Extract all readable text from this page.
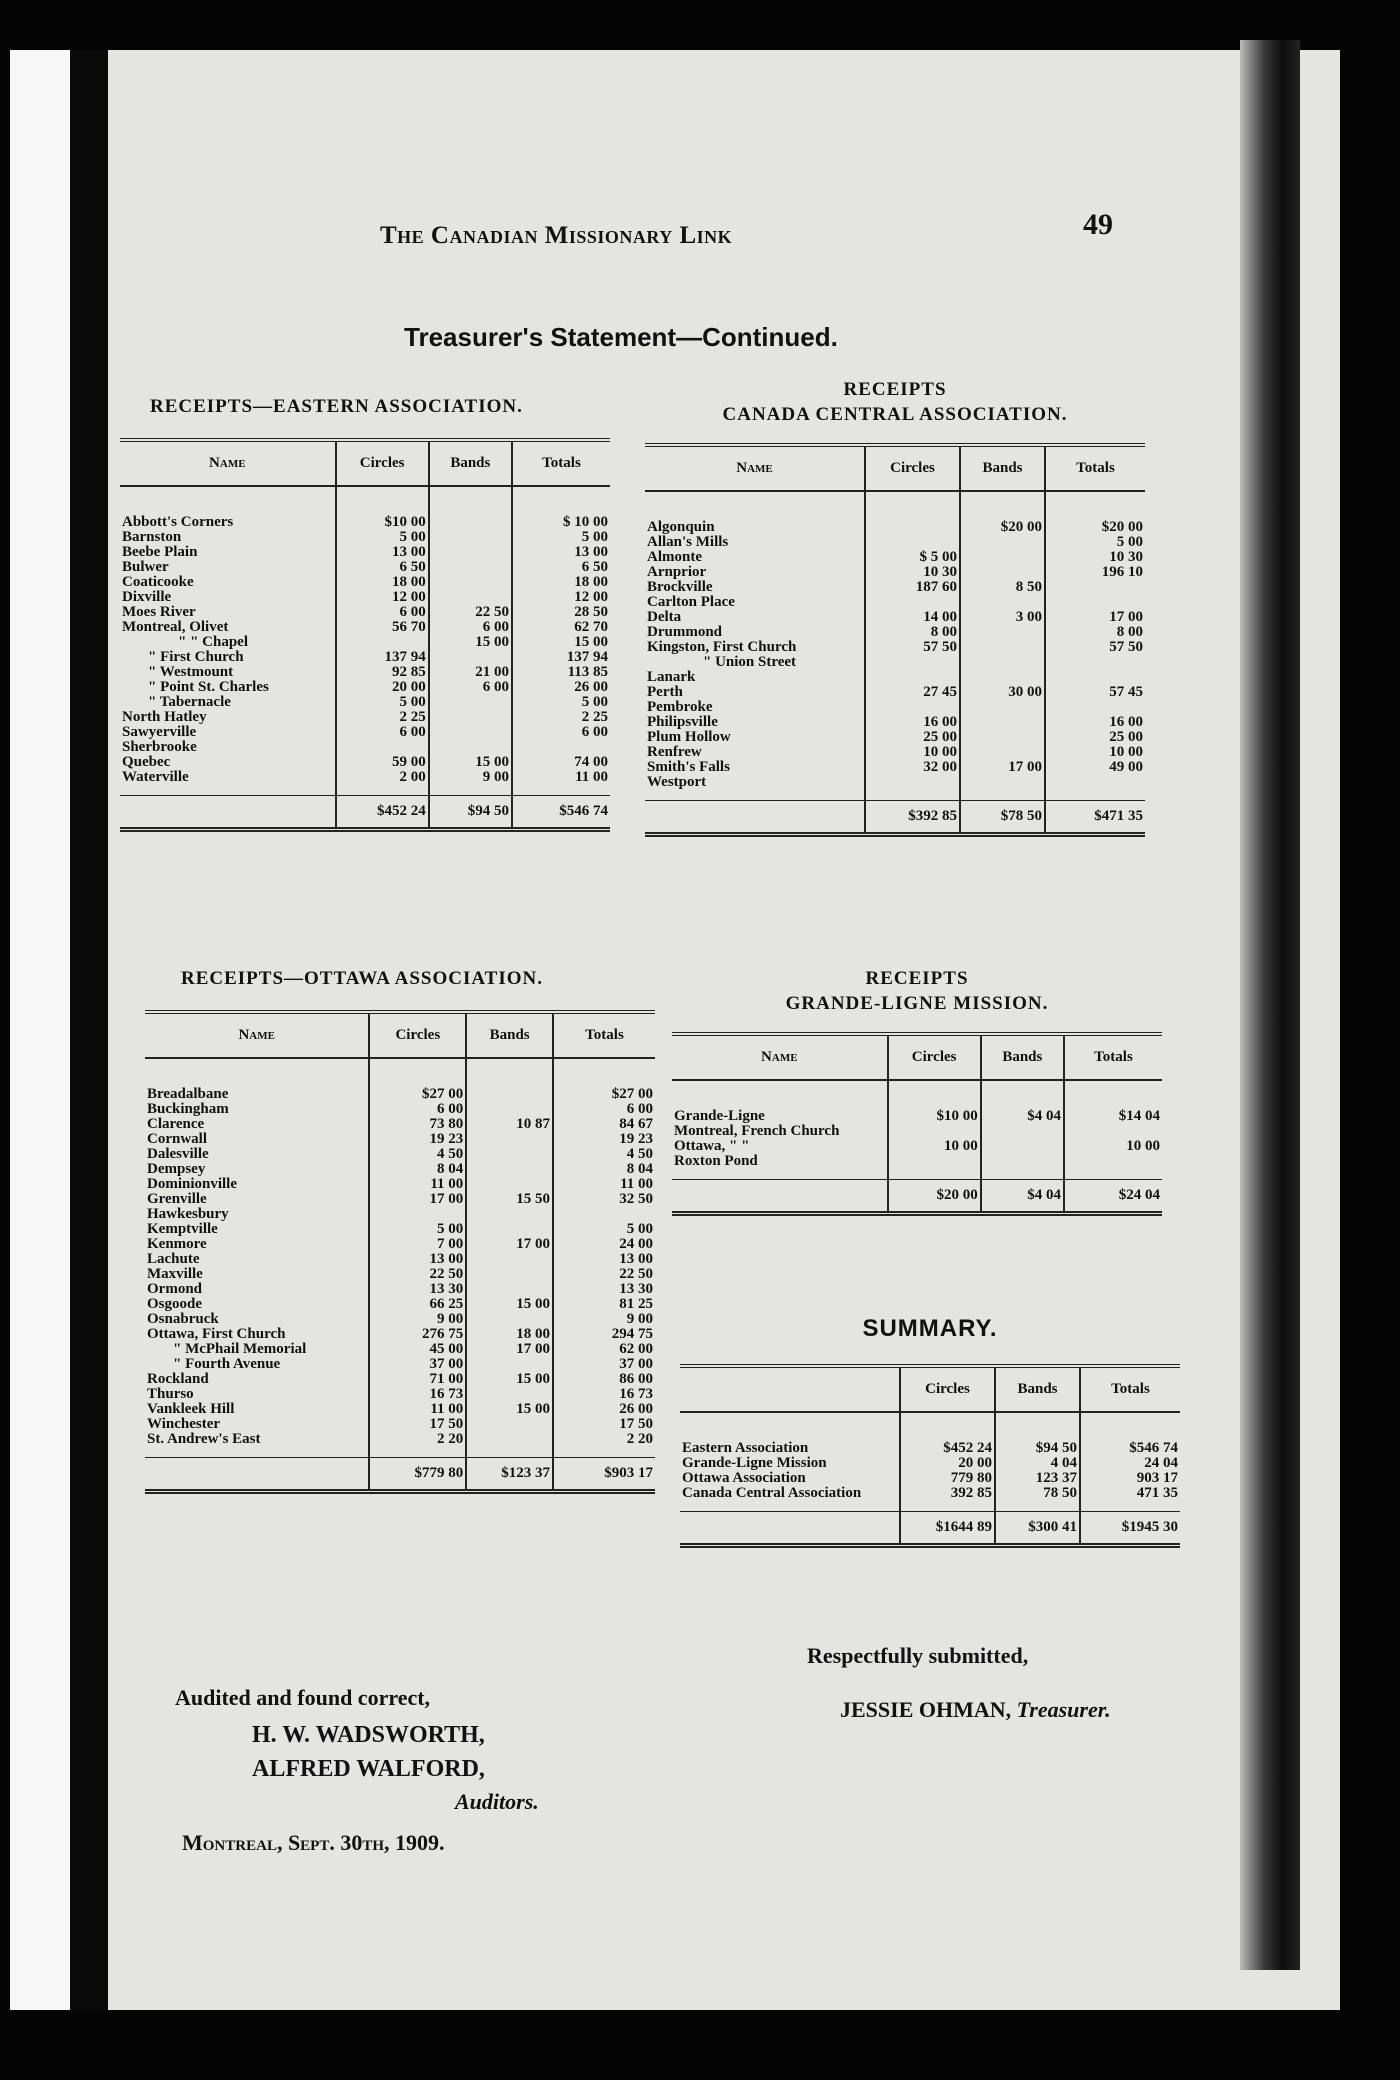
The Canadian Missionary Link	49
Treasurer's Statement—Continued.
RECEIPTS—EASTERN ASSOCIATION.
Name	Circles	Bands	Totals
Abbott's Corners	$10 00		$ 10 00
Barnston	5 00		5 00
Beebe Plain	13 00		13 00
Bulwer	6 50		6 50
Coaticooke	18 00		18 00
Dixville	12 00		12 00
Moes River	6 00	22 50	28 50
Montreal, Olivet	56 70	6 00	62 70
" " Chapel		15 00	15 00
" First Church	137 94		137 94
" Westmount	92 85	21 00	113 85
" Point St. Charles	20 00	6 00	26 00
" Tabernacle	5 00		5 00
North Hatley	2 25		2 25
Sawyerville	6 00		6 00
Sherbrooke			
Quebec	59 00	15 00	74 00
Waterville	2 00	9 00	11 00
	$452 24	$94 50	$546 74
RECEIPTS
CANADA CENTRAL ASSOCIATION.
Name	Circles	Bands	Totals
Algonquin		$20 00	$20 00
Allan's Mills			5 00
Almonte	$ 5 00		10 30
Arnprior	10 30		196 10
Brockville	187 60	8 50	
Carlton Place			
Delta	14 00	3 00	17 00
Drummond	8 00		8 00
Kingston, First Church	57 50		57 50
" Union Street			
Lanark			
Perth	27 45	30 00	57 45
Pembroke			
Philipsville	16 00		16 00
Plum Hollow	25 00		25 00
Renfrew	10 00		10 00
Smith's Falls	32 00	17 00	49 00
Westport			
	$392 85	$78 50	$471 35
RECEIPTS—OTTAWA ASSOCIATION.
Name	Circles	Bands	Totals
Breadalbane	$27 00		$27 00
Buckingham	6 00		6 00
Clarence	73 80	10 87	84 67
Cornwall	19 23		19 23
Dalesville	4 50		4 50
Dempsey	8 04		8 04
Dominionville	11 00		11 00
Grenville	17 00	15 50	32 50
Hawkesbury			
Kemptville	5 00		5 00
Kenmore	7 00	17 00	24 00
Lachute	13 00		13 00
Maxville	22 50		22 50
Ormond	13 30		13 30
Osgoode	66 25	15 00	81 25
Osnabruck	9 00		9 00
Ottawa, First Church	276 75	18 00	294 75
" McPhail Memorial	45 00	17 00	62 00
" Fourth Avenue	37 00		37 00
Rockland	71 00	15 00	86 00
Thurso	16 73		16 73
Vankleek Hill	11 00	15 00	26 00
Winchester	17 50		17 50
St. Andrew's East	2 20		2 20
	$779 80	$123 37	$903 17
RECEIPTS
GRANDE-LIGNE MISSION.
Name	Circles	Bands	Totals
Grande-Ligne	$10 00	$4 04	$14 04
Montreal, French Church			
Ottawa, " "	10 00		10 00
Roxton Pond			
	$20 00	$4 04	$24 04
SUMMARY.
	Circles	Bands	Totals
Eastern Association	$452 24	$94 50	$546 74
Grande-Ligne Mission	20 00	4 04	24 04
Ottawa Association	779 80	123 37	903 17
Canada Central Association	392 85	78 50	471 35
	$1644 89	$300 41	$1945 30
Respectfully submitted,
JESSIE OHMAN, Treasurer.
Audited and found correct,
H. W. WADSWORTH,
ALFRED WALFORD,
Auditors.
Montreal, Sept. 30th, 1909.
